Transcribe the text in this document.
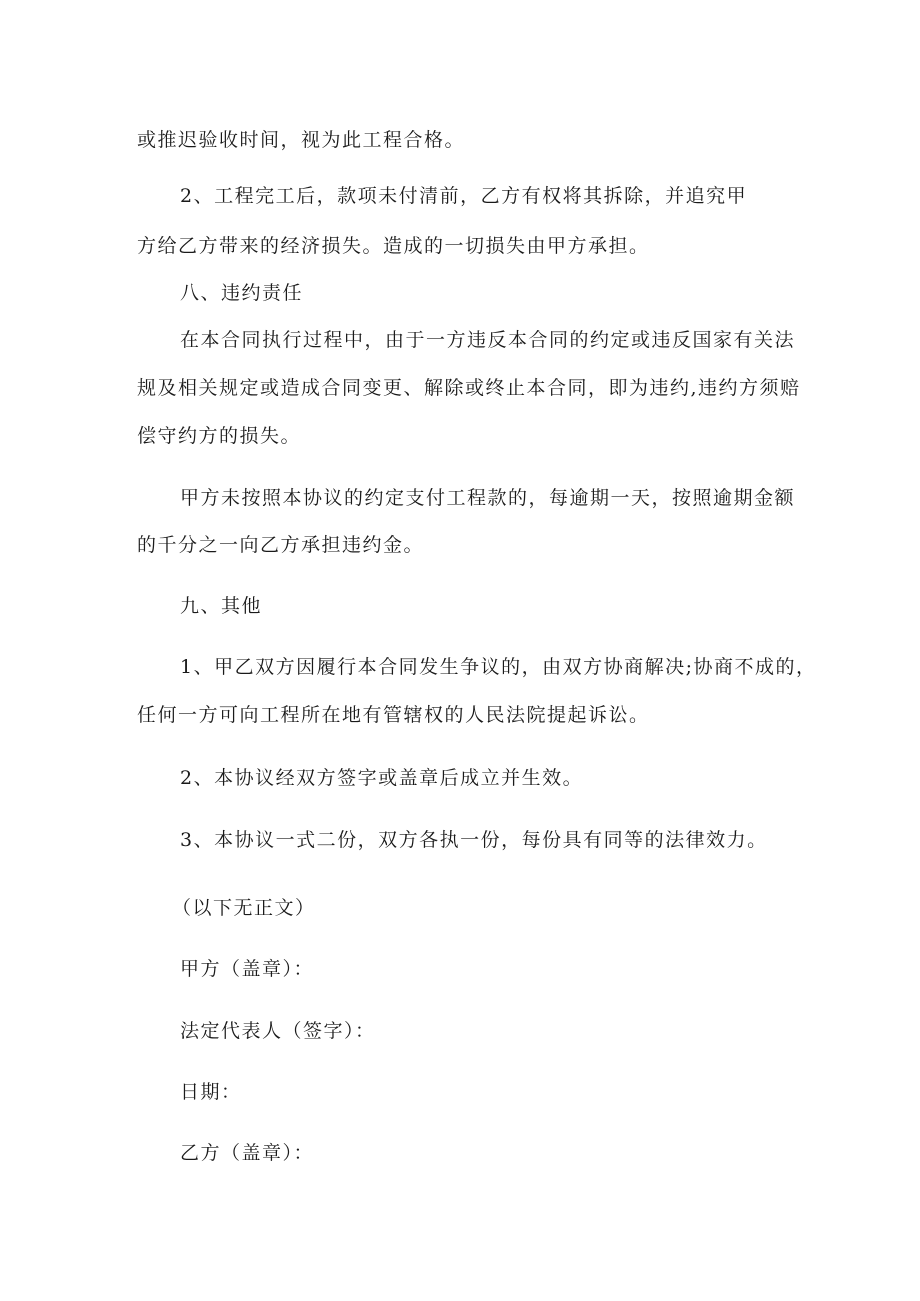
或推迟验收时间，视为此工程合格。
2、工程完工后，款项未付清前，乙方有权将其拆除，并追究甲
方给乙方带来的经济损失。造成的一切损失由甲方承担。
八、违约责任
在本合同执行过程中，由于一方违反本合同的约定或违反国家有关法
规及相关规定或造成合同变更、解除或终止本合同，即为违约,违约方须赔
偿守约方的损失。
甲方未按照本协议的约定支付工程款的，每逾期一天，按照逾期金额
的千分之一向乙方承担违约金。
九、其他
1、甲乙双方因履行本合同发生争议的，由双方协商解决;协商不成的，
任何一方可向工程所在地有管辖权的人民法院提起诉讼。
2、本协议经双方签字或盖章后成立并生效。
3、本协议一式二份，双方各执一份，每份具有同等的法律效力。
（以下无正文）
甲方（盖章）：
法定代表人（签字）：
日期：
乙方（盖章）：
